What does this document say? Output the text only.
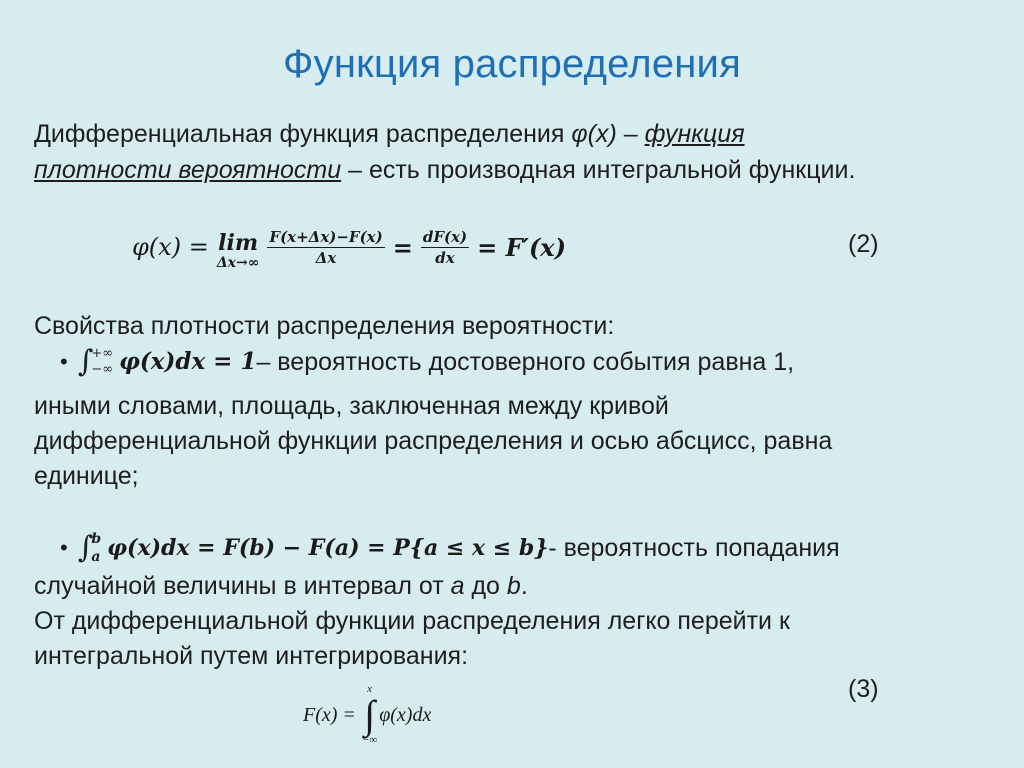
Функция распределения
Дифференциальная функция распределения φ(x) – функция
плотности вероятности – есть производная интегральной функции.
φ(x) = lim
$\Delta x\to\infty \frac{F(x+\Delta x)-F(x)}{\Delta x} = \frac{dF(x)}{dx} = F'(x)$	(2)
Свойства плотности распределения вероятности:
• ∫
+∞
−∞ φ(x)dx = 1 – вероятность достоверного события равна 1,
иными словами, площадь, заключенная между кривой
дифференциальной функции распределения и осью абсцисс, равна
единице;
• ∫
b
a φ(x)dx = F(b) − F(a) = P{a ≤ x ≤ b} - вероятность попадания
случайной величины в интервал от a до b.
От дифференциальной функции распределения легко перейти к
интегральной путем интегрирования:
F(x) =
x
∫
−∞
φ(x)dx
(3)
